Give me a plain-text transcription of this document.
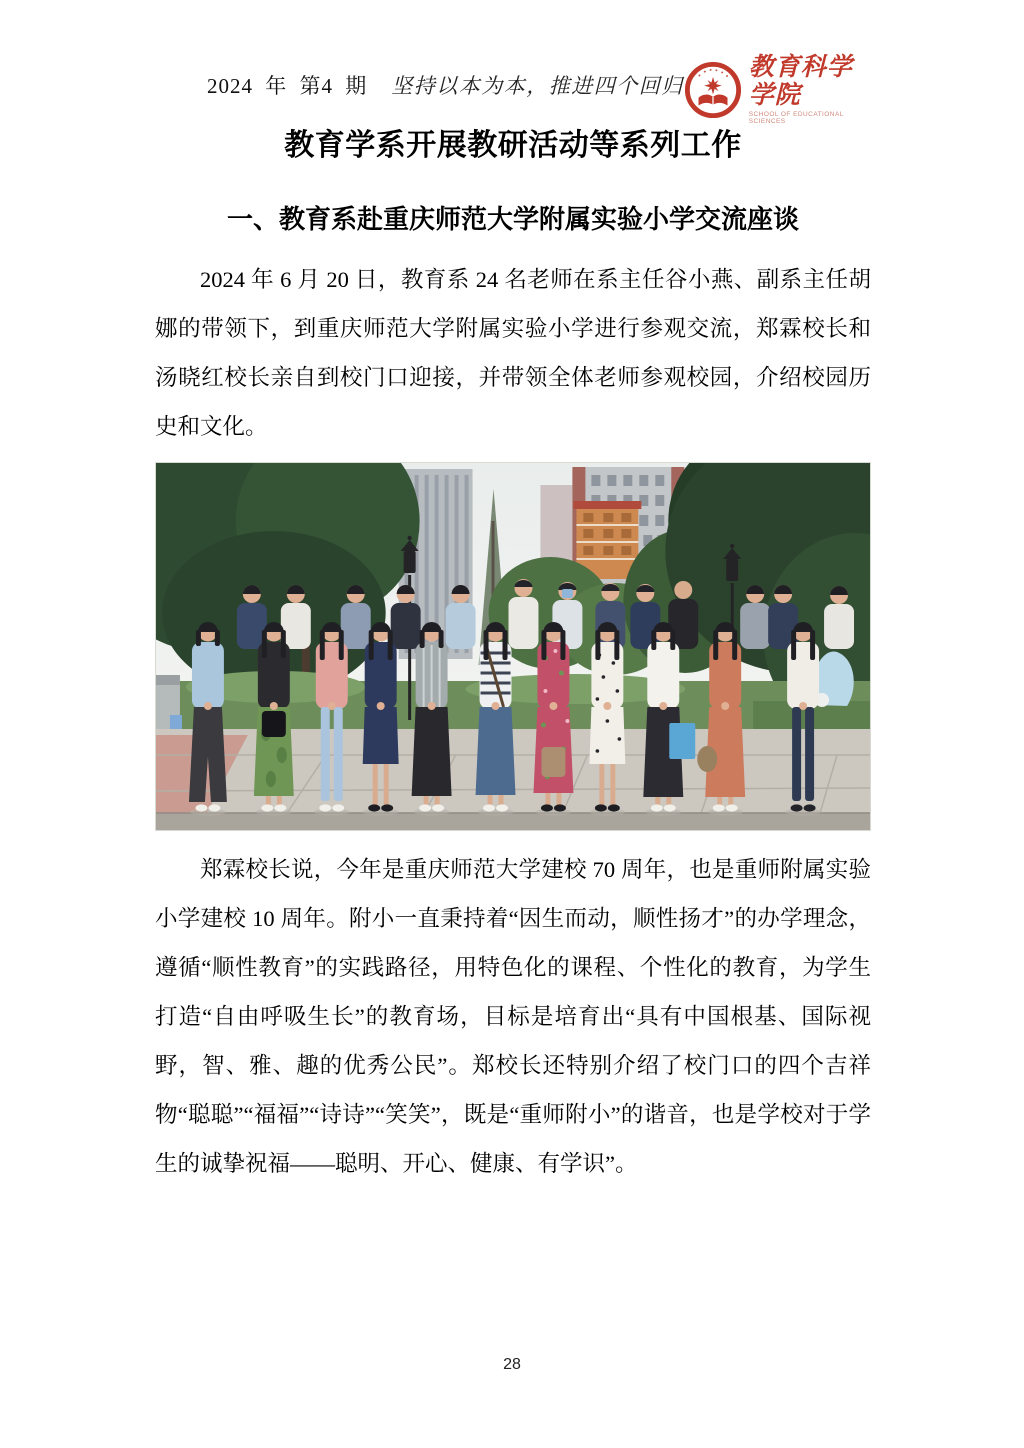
2024 年 第4 期 坚持以本为本，推进四个回归
教育科学学院
SCHOOL OF EDUCATIONAL SCIENCES
教育学系开展教研活动等系列工作
一、教育系赴重庆师范大学附属实验小学交流座谈

2024 年 6 月 20 日，教育系 24 名老师在系主任谷小燕、副系主任胡娜的带领下，到重庆师范大学附属实验小学进行参观交流，郑霖校长和汤晓红校长亲自到校门口迎接，并带领全体老师参观校园，介绍校园历史和文化。

郑霖校长说，今年是重庆师范大学建校 70 周年，也是重师附属实验小学建校 10 周年。附小一直秉持着“因生而动，顺性扬才”的办学理念，遵循“顺性教育”的实践路径，用特色化的课程、个性化的教育，为学生打造“自由呼吸生长”的教育场，目标是培育出“具有中国根基、国际视野，智、雅、趣的优秀公民”。郑校长还特别介绍了校门口的四个吉祥物“聪聪”“福福”“诗诗”“笑笑”，既是“重师附小”的谐音，也是学校对于学生的诚挚祝福——聪明、开心、健康、有学识”。

28
